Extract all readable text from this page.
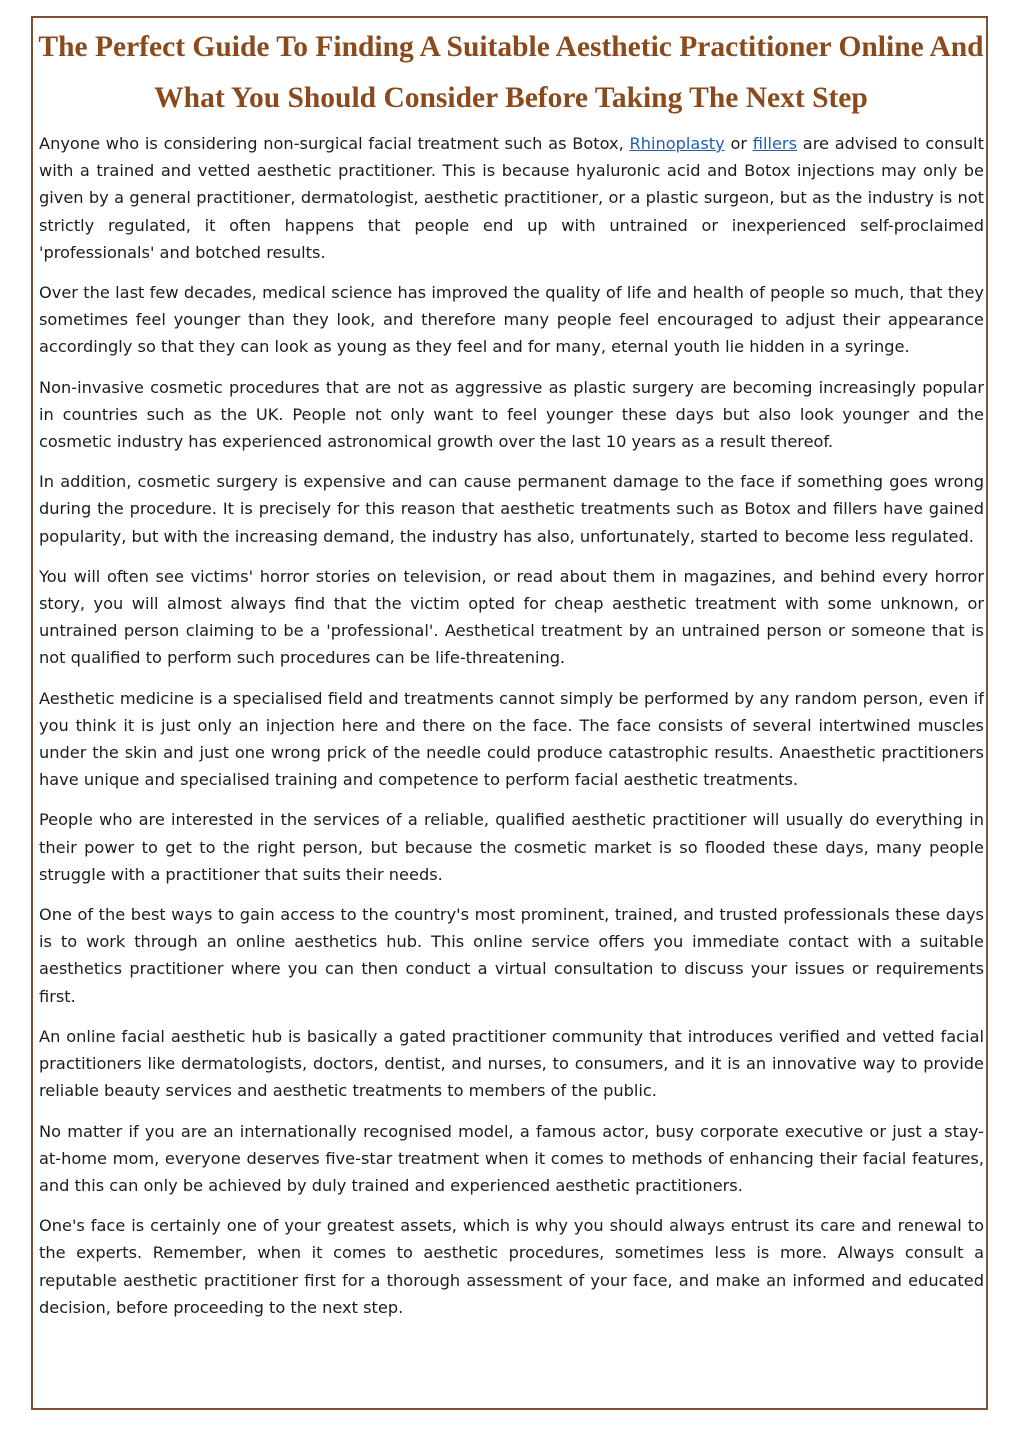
The Perfect Guide To Finding A Suitable Aesthetic Practitioner Online And What You Should Consider Before Taking The Next Step

Anyone who is considering non-surgical facial treatment such as Botox, Rhinoplasty or fillers are advised to consult with a trained and vetted aesthetic practitioner. This is because hyaluronic acid and Botox injections may only be given by a general practitioner, dermatologist, aesthetic practitioner, or a plastic surgeon, but as the industry is not strictly regulated, it often happens that people end up with untrained or inexperienced self-proclaimed 'professionals' and botched results.

Over the last few decades, medical science has improved the quality of life and health of people so much, that they sometimes feel younger than they look, and therefore many people feel encouraged to adjust their appearance accordingly so that they can look as young as they feel and for many, eternal youth lie hidden in a syringe.

Non-invasive cosmetic procedures that are not as aggressive as plastic surgery are becoming increasingly popular in countries such as the UK. People not only want to feel younger these days but also look younger and the cosmetic industry has experienced astronomical growth over the last 10 years as a result thereof.

In addition, cosmetic surgery is expensive and can cause permanent damage to the face if something goes wrong during the procedure. It is precisely for this reason that aesthetic treatments such as Botox and fillers have gained popularity, but with the increasing demand, the industry has also, unfortunately, started to become less regulated.

You will often see victims' horror stories on television, or read about them in magazines, and behind every horror story, you will almost always find that the victim opted for cheap aesthetic treatment with some unknown, or untrained person claiming to be a 'professional'. Aesthetical treatment by an untrained person or someone that is not qualified to perform such procedures can be life-threatening.

Aesthetic medicine is a specialised field and treatments cannot simply be performed by any random person, even if you think it is just only an injection here and there on the face. The face consists of several intertwined muscles under the skin and just one wrong prick of the needle could produce catastrophic results. Anaesthetic practitioners have unique and specialised training and competence to perform facial aesthetic treatments.

People who are interested in the services of a reliable, qualified aesthetic practitioner will usually do everything in their power to get to the right person, but because the cosmetic market is so flooded these days, many people struggle with a practitioner that suits their needs.

One of the best ways to gain access to the country's most prominent, trained, and trusted professionals these days is to work through an online aesthetics hub. This online service offers you immediate contact with a suitable aesthetics practitioner where you can then conduct a virtual consultation to discuss your issues or requirements first.

An online facial aesthetic hub is basically a gated practitioner community that introduces verified and vetted facial practitioners like dermatologists, doctors, dentist, and nurses, to consumers, and it is an innovative way to provide reliable beauty services and aesthetic treatments to members of the public.

No matter if you are an internationally recognised model, a famous actor, busy corporate executive or just a stay-at-home mom, everyone deserves five-star treatment when it comes to methods of enhancing their facial features, and this can only be achieved by duly trained and experienced aesthetic practitioners.

One's face is certainly one of your greatest assets, which is why you should always entrust its care and renewal to the experts. Remember, when it comes to aesthetic procedures, sometimes less is more. Always consult a reputable aesthetic practitioner first for a thorough assessment of your face, and make an informed and educated decision, before proceeding to the next step.
